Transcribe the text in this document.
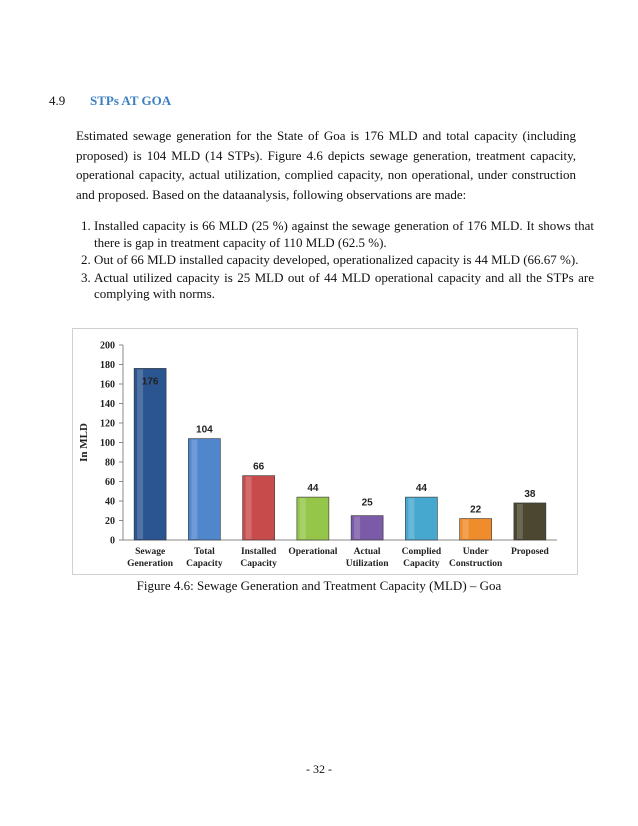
4.9 STPs AT GOA

Estimated sewage generation for the State of Goa is 176 MLD and total capacity (including proposed) is 104 MLD (14 STPs). Figure 4.6 depicts sewage generation, treatment capacity, operational capacity, actual utilization, complied capacity, non operational, under construction and proposed. Based on the dataanalysis, following observations are made:

1. Installed capacity is 66 MLD (25 %) against the sewage generation of 176 MLD. It shows that there is gap in treatment capacity of 110 MLD (62.5 %).
2. Out of 66 MLD installed capacity developed, operationalized capacity is 44 MLD (66.67 %).
3. Actual utilized capacity is 25 MLD out of 44 MLD operational capacity and all the STPs are complying with norms.
0
20
40
60
80
100
120
140
160
180
200
In MLD
176
Sewage
Generation
104
Total
Capacity
66
Installed
Capacity
44
Operational
25
Actual
Utilization
44
Complied
Capacity
22
Under
Construction
38
Proposed
Figure 4.6: Sewage Generation and Treatment Capacity (MLD) – Goa
- 32 -
